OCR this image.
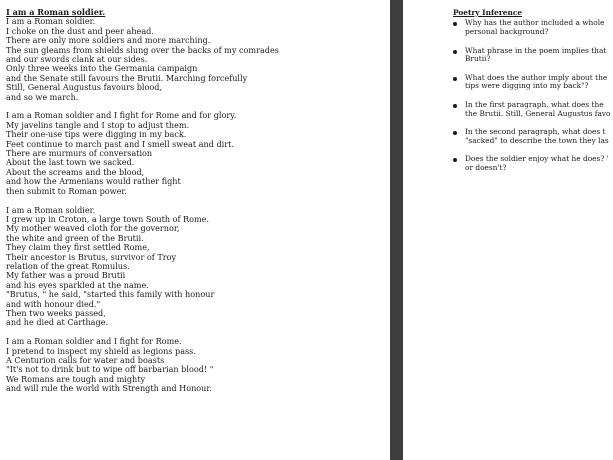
I am a Roman soldier.

I am a Roman soldier.
I choke on the dust and peer ahead.
There are only more soldiers and more marching.
The sun gleams from shields slung over the backs of my comrades
and our swords clank at our sides.
Only three weeks into the Germania campaign
and the Senate still favours the Brutii. Marching forcefully
Still, General Augustus favours blood,
and so we march.
I am a Roman soldier and I fight for Rome and for glory.
My javelins tangle and I stop to adjust them.
Their one-use tips were digging in my back.
Feet continue to march past and I smell sweat and dirt.
There are murmurs of conversation
About the last town we sacked.
About the screams and the blood,
and how the Armenians would rather fight
then submit to Roman power.
I am a Roman soldier.
I grew up in Croton, a large town South of Rome.
My mother weaved cloth for the governor,
the white and green of the Brutii.
They claim they first settled Rome,
Their ancestor is Brutus, survivor of Troy
relation of the great Romulus.
My father was a proud Brutii
and his eyes sparkled at the name.
"Brutus, " he said, "started this family with honour
and with honour died."
Then two weeks passed,
and he died at Carthage.
I am a Roman soldier and I fight for Rome.
I pretend to inspect my shield as legions pass.
A Centurion calls for water and boasts
"It's not to drink but to wipe off barbarian blood! "
We Romans are tough and mighty
and will rule the world with Strength and Honour.

Poetry Inference

Why has the author included a whole
personal background?
What phrase in the poem implies that
Brutii?
What does the author imply about the
tips were digging into my back"?
In the first paragraph, what does the
the Brutii. Still, General Augustus favo
In the second paragraph, what does t
"sacked" to describe the town they las
Does the soldier enjoy what he does? '
or doesn't?
